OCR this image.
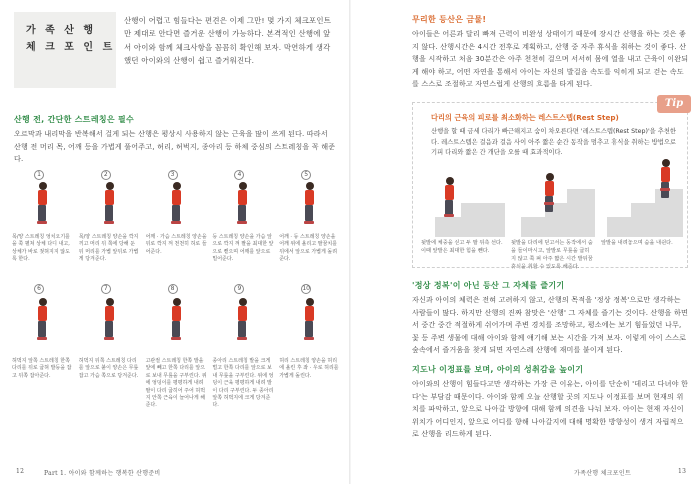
가 족 산 행
체 크 포 인 트
산행이 어렵고 힘들다는 편견은 이제 그만! 몇 가지 체크포인트만 제대로 안다면 즐거운 산행이 가능하다. 본격적인 산행에 앞서 아이와 함께 체크사항을 꼼꼼히 확인해 보자. 막연하게 생각했던 아이와의 산행이 쉽고 즐거워진다.
산행 전, 간단한 스트레칭은 필수
오르막과 내리막을 반복해서 걸게 되는 산행은 평상시 사용하지 않는 근육을 많이 쓰게 된다. 따라서 산행 전 머리 목, 어깨 등을 가볍게 풀어주고, 허리, 허벅지, 종아리 등 하체 중심의 스트레칭을 꼭 해준다.
1
목/양 스트레칭 엉치오기를을 쭉 펼쳐 상체 다디 내고, 상체가 바로 젖혀지지 않도록 한다.
2
목/양 스트레칭 양손을 깍지 끼고 머리 뒤 쪽에 당해 둔 뒤 머리를 가볍 앞뒤로 가볍게 당겨준다.
3
어깨 · 가슴 스트레칭 양손을 뒤로 깍지 껴 천천히 허로 들어준다.
4
등 스트레칭 양손을 가슴 앞으로 깍지 껴 팔을 최대한 앞으로 뻗으며 어깨를 앞으로 밀어준다.
5
어깨 · 등 스트레칭 양손을 어깨 위에 올리고 팔꿈치를 뒤에서 앞으로 가볍게 돌려준다.
6
허벅지 앞쪽 스트레칭 한쪽 다리를 뒤로 굽혀 발등을 잡고 뒤쪽 잡아준다.
7
허벅지 뒤쪽 스트레칭 다리를 앞으로 붙이 양손은 무릎 잡고 가슴 쪽으로 당겨준다.
8
고관절 스트레칭 한쪽 발을 앞에 빼고 한쪽 다리를 앞으로 보내 무릎을 구부린다. 위에 엉덩이를 평평하게 내려 팔이 다리 굽히어 주어 허벅지 안쪽 근육이 늘어나게 해준다.
9
종아리 스트레칭 발을 크게 벌고 한쪽 다리를 앞으로 보내 무릎을 구부린다. 위에 엉덩이 근육 평평하게 내려 발이 다리 구부린다. 두 종아리 앞쪽 허벅지에 크게 당겨준다.
10
허리 스트레칭 양손을 허리에 올린 후 좌 · 우로 허리를 가볍게 돌린다.
12	Part 1. 아이와 함께하는 행복한 산행준비
무리한 등산은 금물!
아이들은 어른과 달리 빠져 근력이 비완성 상태이기 때문에 장시간 산행을 하는 것은 좋지 않다. 산행시간은 4시간 전후로 계획하고, 산행 중 자주 휴식을 취하는 것이 좋다. 산행을 시작하고 처음 30분간은 아주 천천히 걸으며 서서히 몸에 열을 내고 근육이 이완되게 해야 하고, 어떤 자연을 통해서 아이는 자신의 발걸음 속도를 익히게 되고 걷는 속도를 스스로 조절하고 자연스럽게 산행의 흐름을 타게 된다.
Tip
다리의 근육의 피로를 최소화하는 레스트스텝(Rest Step)
산행을 할 때 금세 다리가 빠근해지고 숨이 차오른다면 '레스트스텝(Rest Step)'을 추천한다. 레스트스텝은 걸음과 걸음 사이 아주 짧은 순간 동작을 멈추고 휴식을 취하는 방법으로 기피 다리와 짧은 간 개단을 오를 때 효과적이다.
뒷발에 체중을 싣고 두 팔 뒤측 선다. 이때 앞발은 최대한 힘을 뺀다.
뒷발을 다리에 딛고서는 동작에서 숨을 들이마시고, 앞발로 무릎을 굽히지 않고 쭉 펴 아주 짧은 시간 발뒤꿈 휴식을 취할 수 있도록 해준다.
앞발을 내려놓으며 숨을 내쉰다.
'정상 정복'이 아닌 등산 그 자체를 즐기기
자신과 아이의 체력은 전혀 고려하지 않고, 산행의 목적을 '정상 정복'으로만 생각하는 사람들이 많다. 하지만 산행의 진짜 참맛은 '산행' 그 자체를 즐기는 것이다. 산행을 하면서 중간 중간 적절하게 쉬어가며 주변 경치를 조망하고, 평소에는 보기 힘들었던 나무, 꽃 등 주변 생물에 대해 아이와 함께 얘기해 보는 시간을 가져 보자. 이렇게 아이 스스로 숲속에서 즐거움을 찾게 되면 자연스레 산행에 재미를 붙이게 된다.
지도나 이정표를 보며, 아이의 성취감을 높이기
아이와의 산행이 힘들다고만 생각하는 가장 큰 이유는, 아이를 단순히 '데리고 다녀야 한다'는 부담감 때문이다. 아이와 함께 오늘 산행할 곳의 지도나 이정표를 보며 현재의 위치를 파악하고, 앞으로 나아갈 방향에 대해 함께 의견을 나눠 보자. 아이는 현재 자신이 위치가 어디인지, 앞으로 어디를 향해 나아갈지에 대해 명확한 방향성이 생겨 자립적으로 산행을 리드하게 된다.
가족산행 체크포인트	13
